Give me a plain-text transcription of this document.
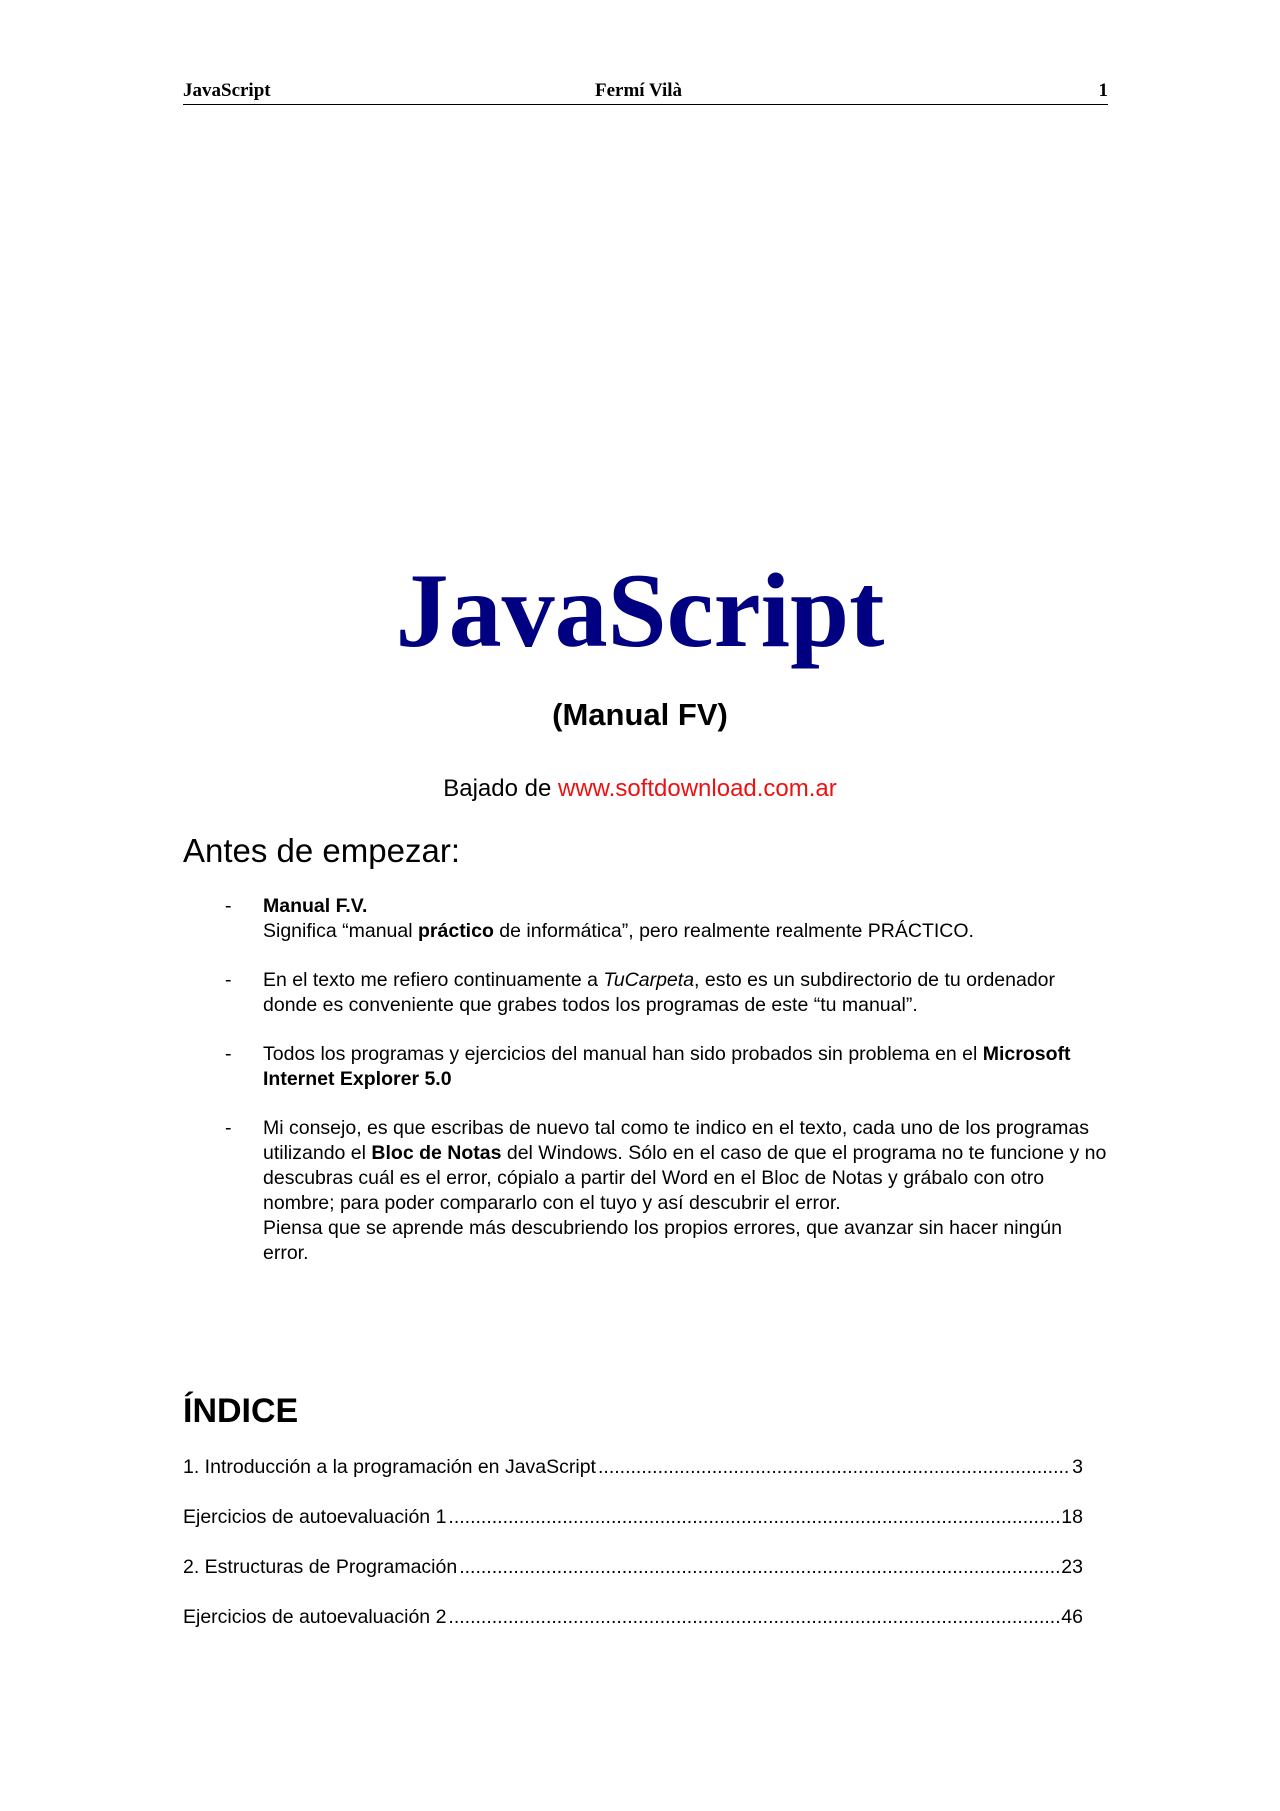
JavaScript	Fermí Vilà	1
JavaScript
(Manual FV)
Bajado de www.softdownload.com.ar
Antes de empezar:
- Manual F.V.

Significa “manual práctico de informática”, pero realmente realmente PRÁCTICO.

- En el texto me refiero continuamente a TuCarpeta, esto es un subdirectorio de tu ordenador donde es conveniente que grabes todos los programas de este “tu manual”.

- Todos los programas y ejercicios del manual han sido probados sin problema en el Microsoft Internet Explorer 5.0

- Mi consejo, es que escribas de nuevo tal como te indico en el texto, cada uno de los programas utilizando el Bloc de Notas del Windows. Sólo en el caso de que el programa no te funcione y no descubras cuál es el error, cópialo a partir del Word en el Bloc de Notas y grábalo con otro nombre; para poder compararlo con el tuyo y así descubrir el error.

Piensa que se aprende más descubriendo los propios errores, que avanzar sin hacer ningún error.

ÍNDICE
1. Introducción a la programación en JavaScript .....	3
Ejercicios de autoevaluación 1 .....	18
2. Estructuras de Programación .....	23
Ejercicios de autoevaluación 2 .....	46
